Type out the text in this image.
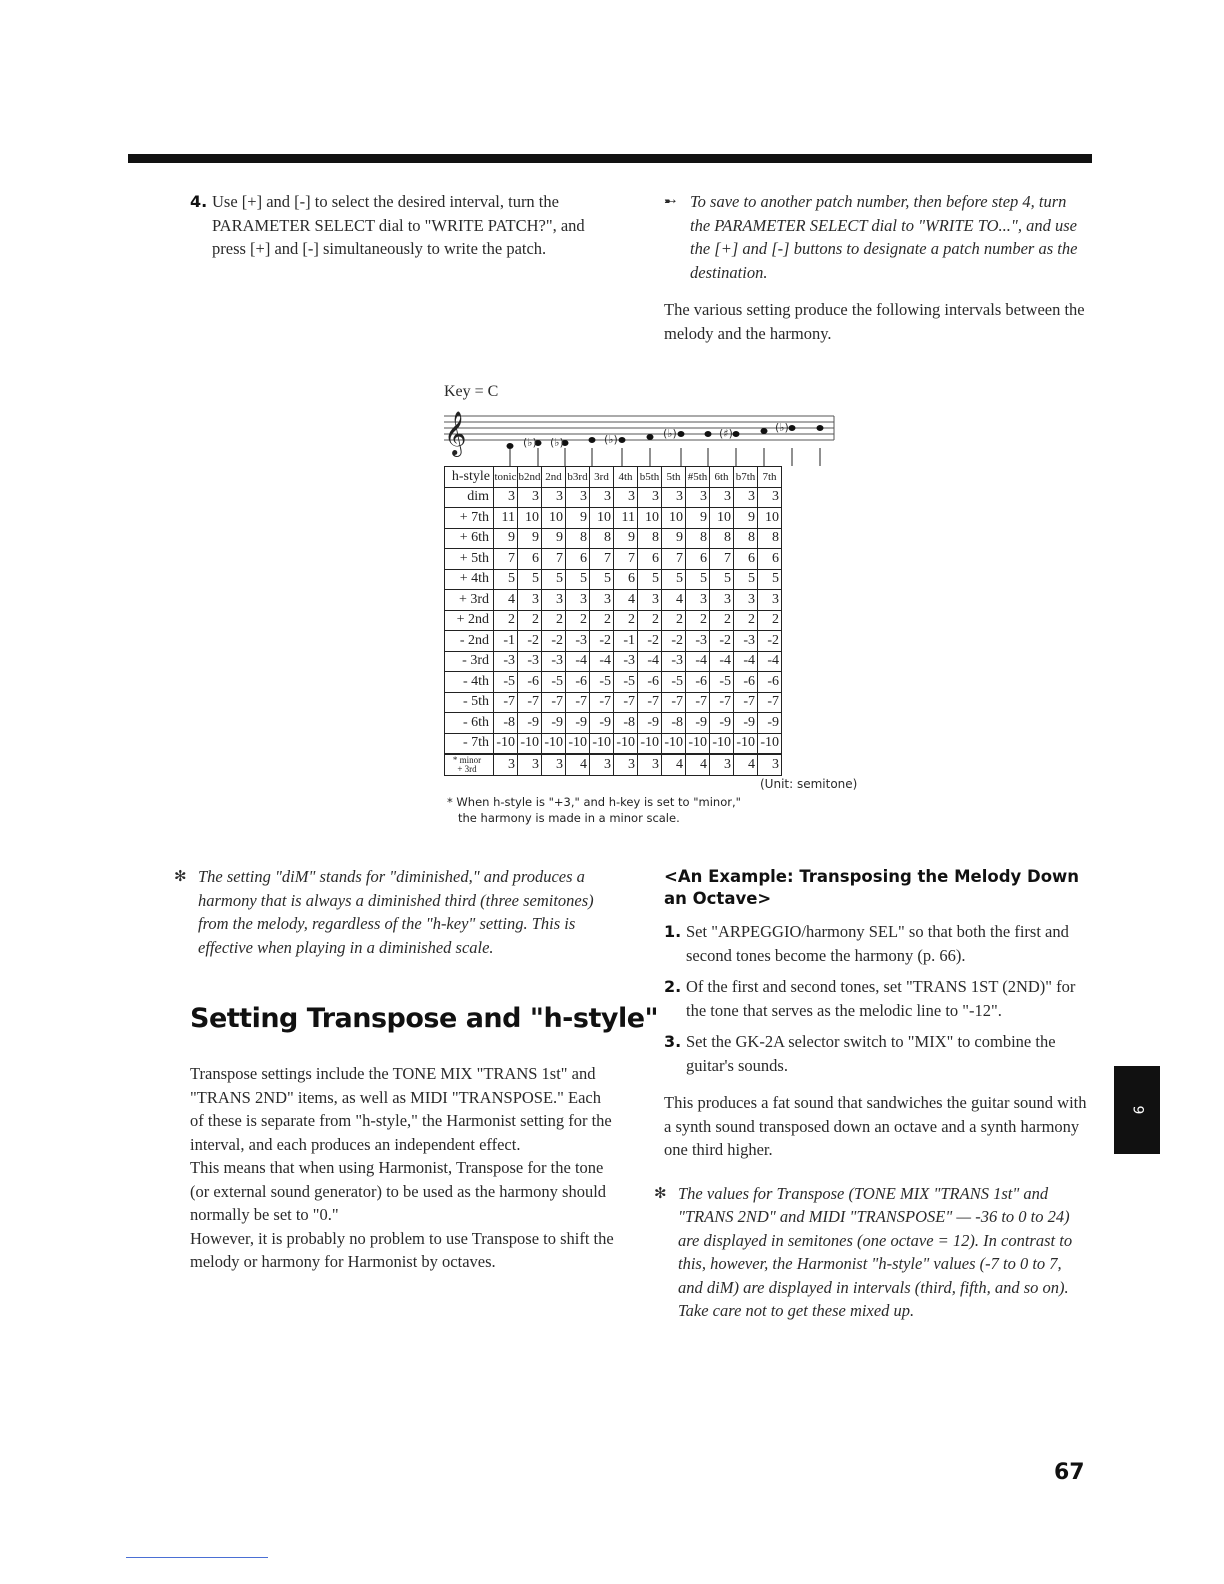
4. Use [+] and [-] to select the desired interval, turn the PARAMETER SELECT dial to "WRITE PATCH?", and press [+] and [-] simultaneously to write the patch.
➸ To save to another patch number, then before step 4, turn the PARAMETER SELECT dial to "WRITE TO...", and use the [+] and [-] buttons to designate a patch number as the destination.

The various setting produce the following intervals between the melody and the harmony.

Key = C
𝄞	(♭) (♭)	(♭)	(♭)	(♯)	(♭)
h-style	tonic	b2nd	2nd	b3rd	3rd	4th	b5th	5th	#5th	6th	b7th	7th
dim	3	3	3	3	3	3	3	3	3	3	3	3
+ 7th	11	10	10	9	10	11	10	10	9	10	9	10
+ 6th	9	9	9	8	8	9	8	9	8	8	8	8
+ 5th	7	6	7	6	7	7	6	7	6	7	6	6
+ 4th	5	5	5	5	5	6	5	5	5	5	5	5
+ 3rd	4	3	3	3	3	4	3	4	3	3	3	3
+ 2nd	2	2	2	2	2	2	2	2	2	2	2	2
- 2nd	-1	-2	-2	-3	-2	-1	-2	-2	-3	-2	-3	-2
- 3rd	-3	-3	-3	-4	-4	-3	-4	-3	-4	-4	-4	-4
- 4th	-5	-6	-5	-6	-5	-5	-6	-5	-6	-5	-6	-6
- 5th	-7	-7	-7	-7	-7	-7	-7	-7	-7	-7	-7	-7
- 6th	-8	-9	-9	-9	-9	-8	-9	-8	-9	-9	-9	-9
- 7th	-10	-10	-10	-10	-10	-10	-10	-10	-10	-10	-10	-10

* minor
+ 3rd	3	3	3	4	3	3	3	4	4	3	4	3
(Unit: semitone)
* When h-style is "+3," and h-key is set to "minor,"
the harmony is made in a minor scale.
✻ The setting "diM" stands for "diminished," and produces a harmony that is always a diminished third (three semitones) from the melody, regardless of the "h-key" setting. This is effective when playing in a diminished scale.
Setting Transpose and "h-style"

Transpose settings include the TONE MIX "TRANS 1st" and "TRANS 2ND" items, as well as MIDI "TRANSPOSE." Each of these is separate from "h-style," the Harmonist setting for the interval, and each produces an independent effect.

This means that when using Harmonist, Transpose for the tone (or external sound generator) to be used as the harmony should normally be set to "0."

However, it is probably no problem to use Transpose to shift the melody or harmony for Harmonist by octaves.

<An Example: Transposing the Melody Down an Octave>
1. Set "ARPEGGIO/harmony SEL" so that both the first and second tones become the harmony (p. 66).
2. Of the first and second tones, set "TRANS 1ST (2ND)" for the tone that serves as the melodic line to "-12".
3. Set the GK-2A selector switch to "MIX" to combine the guitar's sounds.

This produces a fat sound that sandwiches the guitar sound with a synth sound transposed down an octave and a synth harmony one third higher.

✻ The values for Transpose (TONE MIX "TRANS 1st" and "TRANS 2ND" and MIDI "TRANSPOSE" — -36 to 0 to 24) are displayed in semitones (one octave = 12). In contrast to this, however, the Harmonist "h-style" values (-7 to 0 to 7, and diM) are displayed in intervals (third, fifth, and so on). Take care not to get these mixed up.
9
67
